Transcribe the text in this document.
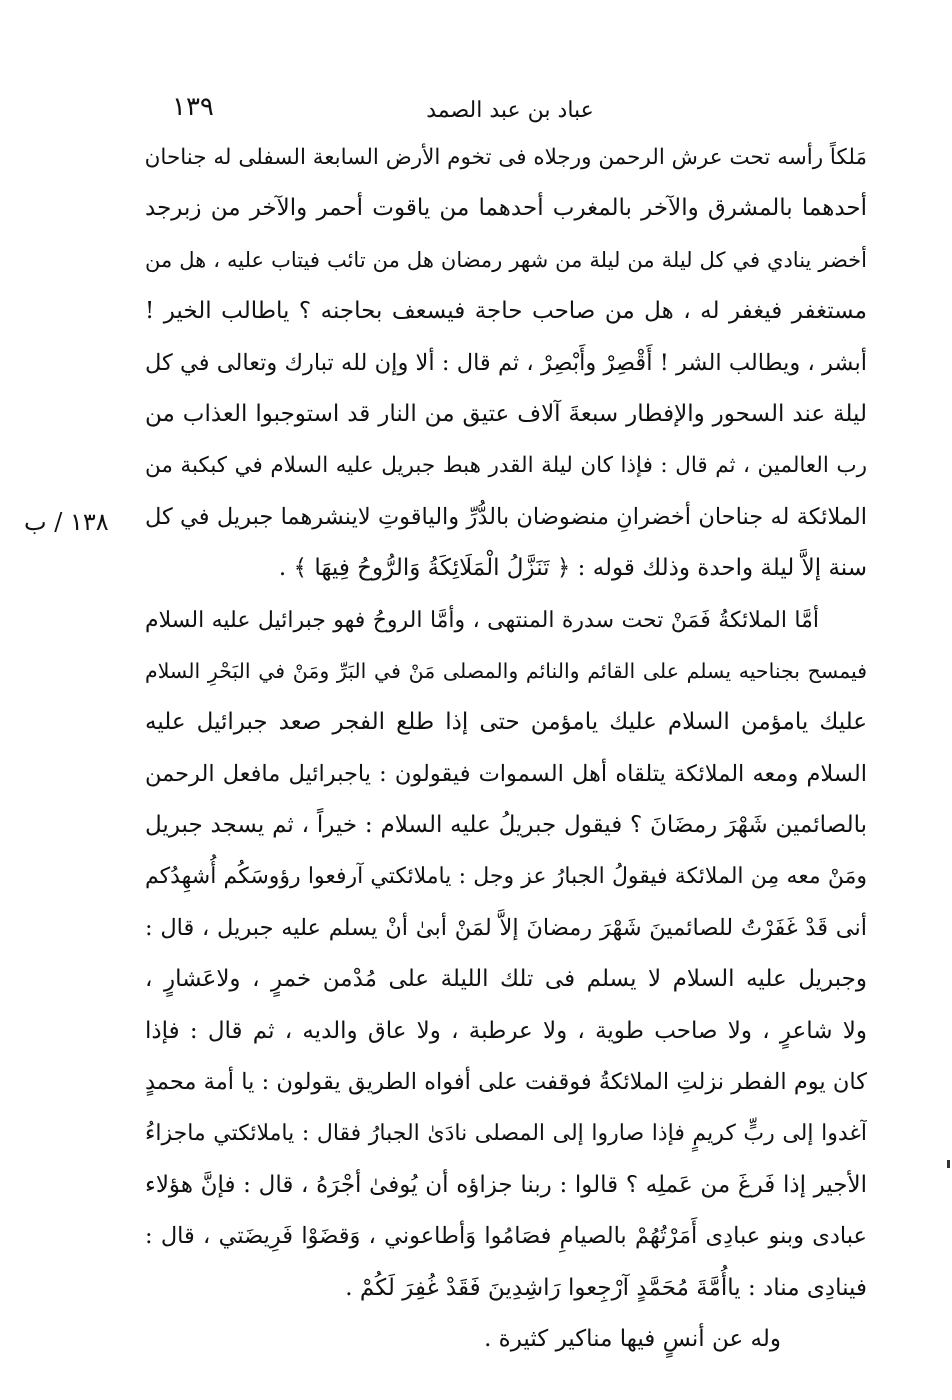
عباد بن عبد الصمد
١٣٩
١٣٨ / ب
مَلكاً رأسه تحت عرش الرحمن ورجلاه فى تخوم الأرض السابعة السفلى له جناحان
أحدهما بالمشرق والآخر بالمغرب أحدهما من ياقوت أحمر والآخر من زبرجد
أخضر ينادي في كل ليلة من ليلة من شهر رمضان هل من تائب فيتاب عليه ، هل من
مستغفر فيغفر له ، هل من صاحب حاجة فيسعف بحاجنه ؟ ياطالب الخير !
أبشر ، ويطالب الشر ! أَقْصِرْ وأَبْصِرْ ، ثم قال : ألا وإن لله تبارك وتعالى في كل
ليلة عند السحور والإفطار سبعةَ آلاف عتيق من النار قد استوجبوا العذاب من
رب العالمين ، ثم قال : فإذا كان ليلة القدر هبط جبريل عليه السلام في كبكبة من
الملائكة له جناحان أخضرانِ منضوضان بالدُّرِّ والياقوتِ لاينشرهما جبريل في كل
سنة إلاَّ ليلة واحدة وذلك قوله : ﴿ تَنَزَّلُ الْمَلَائِكَةُ وَالرُّوحُ فِيهَا ﴾ .
أمَّا الملائكةُ فَمَنْ تحت سدرة المنتهى ، وأمَّا الروحُ فهو جبرائيل عليه السلام
فيمسح بجناحيه يسلم على القائم والنائم والمصلى مَنْ في البَرِّ ومَنْ في البَحْرِ السلام
عليك يامؤمن السلام عليك يامؤمن حتى إذا طلع الفجر صعد جبرائيل عليه
السلام ومعه الملائكة يتلقاه أهل السموات فيقولون : ياجبرائيل مافعل الرحمن
بالصائمين شَهْرَ رمضَانَ ؟ فيقول جبريلُ عليه السلام : خيراً ، ثم يسجد جبريل
ومَنْ معه مِن الملائكة فيقولُ الجبارُ عز وجل : ياملائكتي آرفعوا رؤوسَكُم أُشهِدُكم
أنى قَدْ غَفَرْتُ للصائمينَ شَهْرَ رمضانَ إلاَّ لمَنْ أبىٰ أنْ يسلم عليه جبريل ، قال :
وجبريل عليه السلام لا يسلم فى تلك الليلة على مُدْمن خمرٍ ، ولاعَشارٍ ،
ولا شاعرٍ ، ولا صاحب طوية ، ولا عرطبة ، ولا عاق والديه ، ثم قال : فإذا
كان يوم الفطر نزلتِ الملائكةُ فوقفت على أفواه الطريق يقولون : يا أمة محمدٍ
آغدوا إلى ربٍّ كريمٍ فإذا صاروا إلى المصلى نادَىٰ الجبارُ فقال : ياملائكتي ماجزاءُ
الأجير إذا فَرغَ من عَملِه ؟ قالوا : ربنا جزاؤه أن يُوفىٰ أجْرَهُ ، قال : فإنَّ هؤلاء
عبادى وبنو عبادِى أَمَرْتُهُمْ بالصيامِ فصَامُوا وَأطاعوني ، وَقضَوْا فَرِيضَتي ، قال :
فينادِى مناد : ياأُمَّةَ مُحَمَّدٍ آرْجِعوا رَاشِدِينَ فَقَدْ غُفِرَ لَكُمْ .
وله عن أنسٍ فيها مناكير كثيرة .
